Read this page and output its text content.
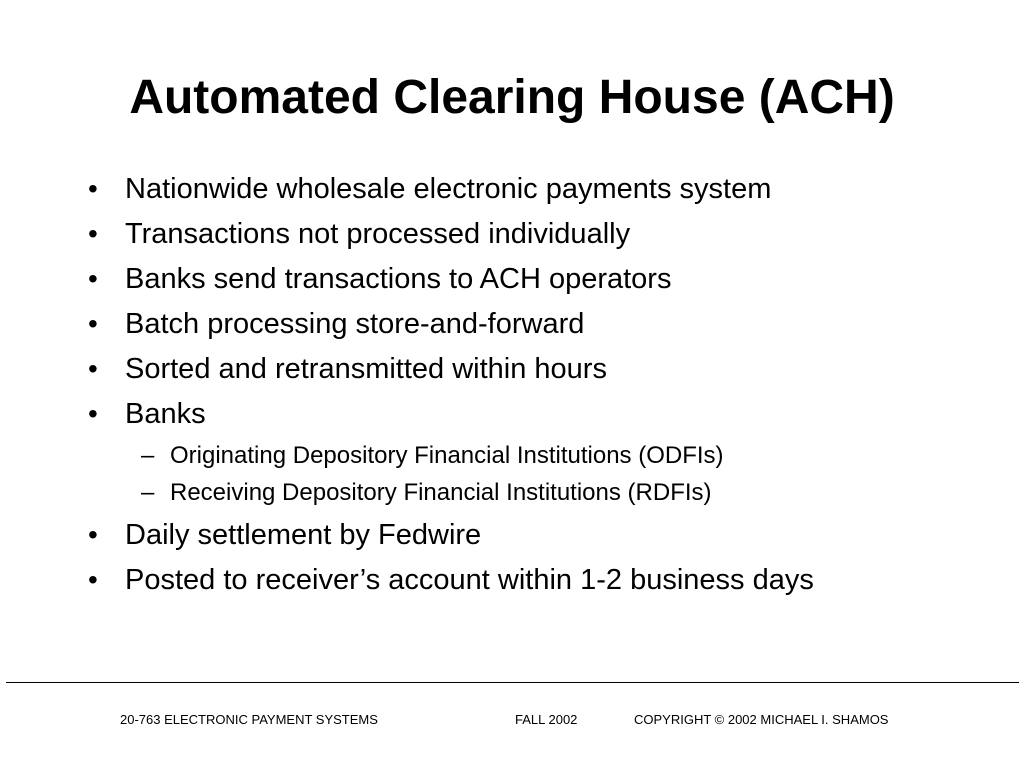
Automated Clearing House (ACH)
• Nationwide wholesale electronic payments system
• Transactions not processed individually
• Banks send transactions to ACH operators
• Batch processing store-and-forward
• Sorted and retransmitted within hours
• Banks
– Originating Depository Financial Institutions (ODFIs)
– Receiving Depository Financial Institutions (RDFIs)
• Daily settlement by Fedwire
• Posted to receiver’s account within 1-2 business days
20-763 ELECTRONIC PAYMENT SYSTEMS	FALL 2002	COPYRIGHT © 2002 MICHAEL I. SHAMOS
